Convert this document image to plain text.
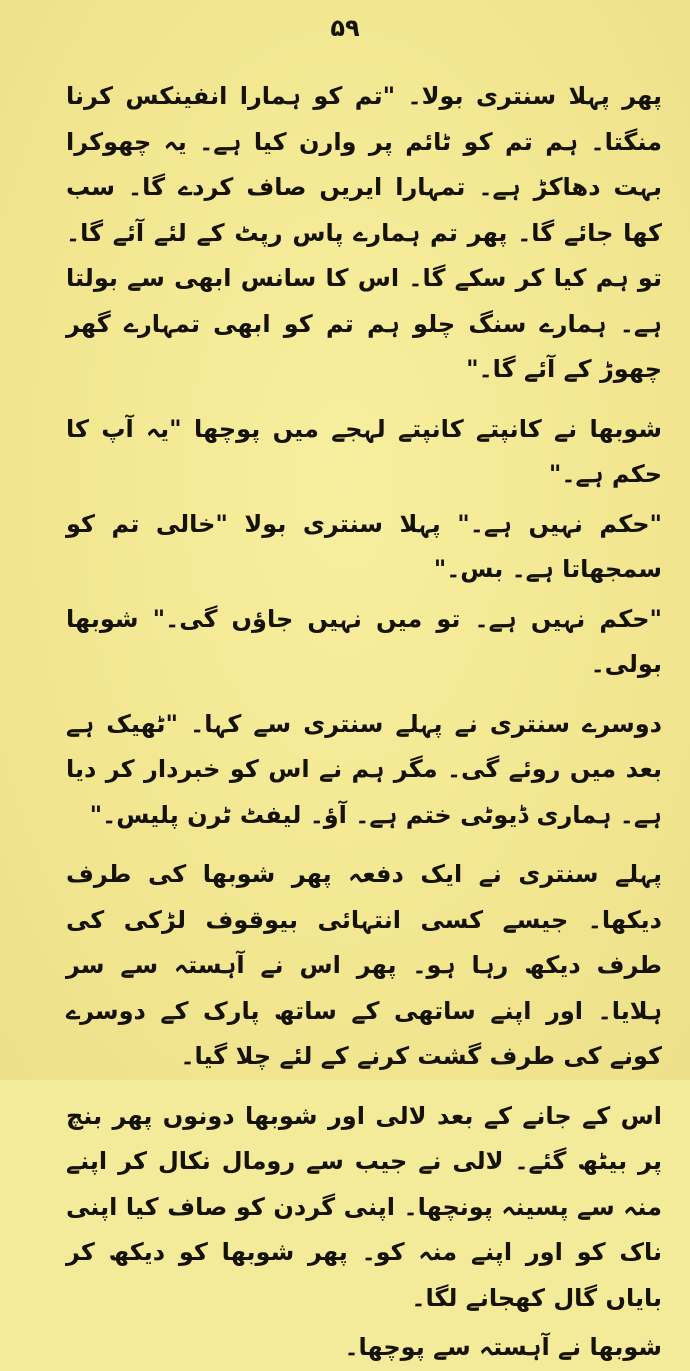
۵۹

پھر پہلا سنتری بولا۔ "تم کو ہمارا انفینکس کرنا منگتا۔ ہم تم کو ٹائم پر وارن کیا ہے۔ یہ چھوکرا بہت دھاکڑ ہے۔ تمہارا ایریں صاف کردے گا۔ سب کھا جائے گا۔ پھر تم ہمارے پاس رپٹ کے لئے آئے گا۔ تو ہم کیا کر سکے گا۔ اس کا سانس ابھی سے بولتا ہے۔ ہمارے سنگ چلو ہم تم کو ابھی تمہارے گھر چھوڑ کے آئے گا۔"

شوبھا نے کانپتے کانپتے لہجے میں پوچھا "یہ آپ کا حکم ہے۔"

"حکم نہیں ہے۔" پہلا سنتری بولا "خالی تم کو سمجھاتا ہے۔ بس۔"

"حکم نہیں ہے۔ تو میں نہیں جاؤں گی۔" شوبھا بولی۔

دوسرے سنتری نے پہلے سنتری سے کہا۔ "ٹھیک ہے بعد میں روئے گی۔ مگر ہم نے اس کو خبردار کر دیا ہے۔ ہماری ڈیوٹی ختم ہے۔ آؤ۔ لیفٹ ٹرن پلیس۔"

پہلے سنتری نے ایک دفعہ پھر شوبھا کی طرف دیکھا۔ جیسے کسی انتہائی بیوقوف لڑکی کی طرف دیکھ رہا ہو۔ پھر اس نے آہستہ سے سر ہلایا۔ اور اپنے ساتھی کے ساتھ پارک کے دوسرے کونے کی طرف گشت کرنے کے لئے چلا گیا۔

اس کے جانے کے بعد لالی اور شوبھا دونوں پھر بنچ پر بیٹھ گئے۔ لالی نے جیب سے رومال نکال کر اپنے منہ سے پسینہ پونچھا۔ اپنی گردن کو صاف کیا اپنی ناک کو اور اپنے منہ کو۔ پھر شوبھا کو دیکھ کر بایاں گال کھجانے لگا۔

شوبھا نے آہستہ سے پوچھا۔
